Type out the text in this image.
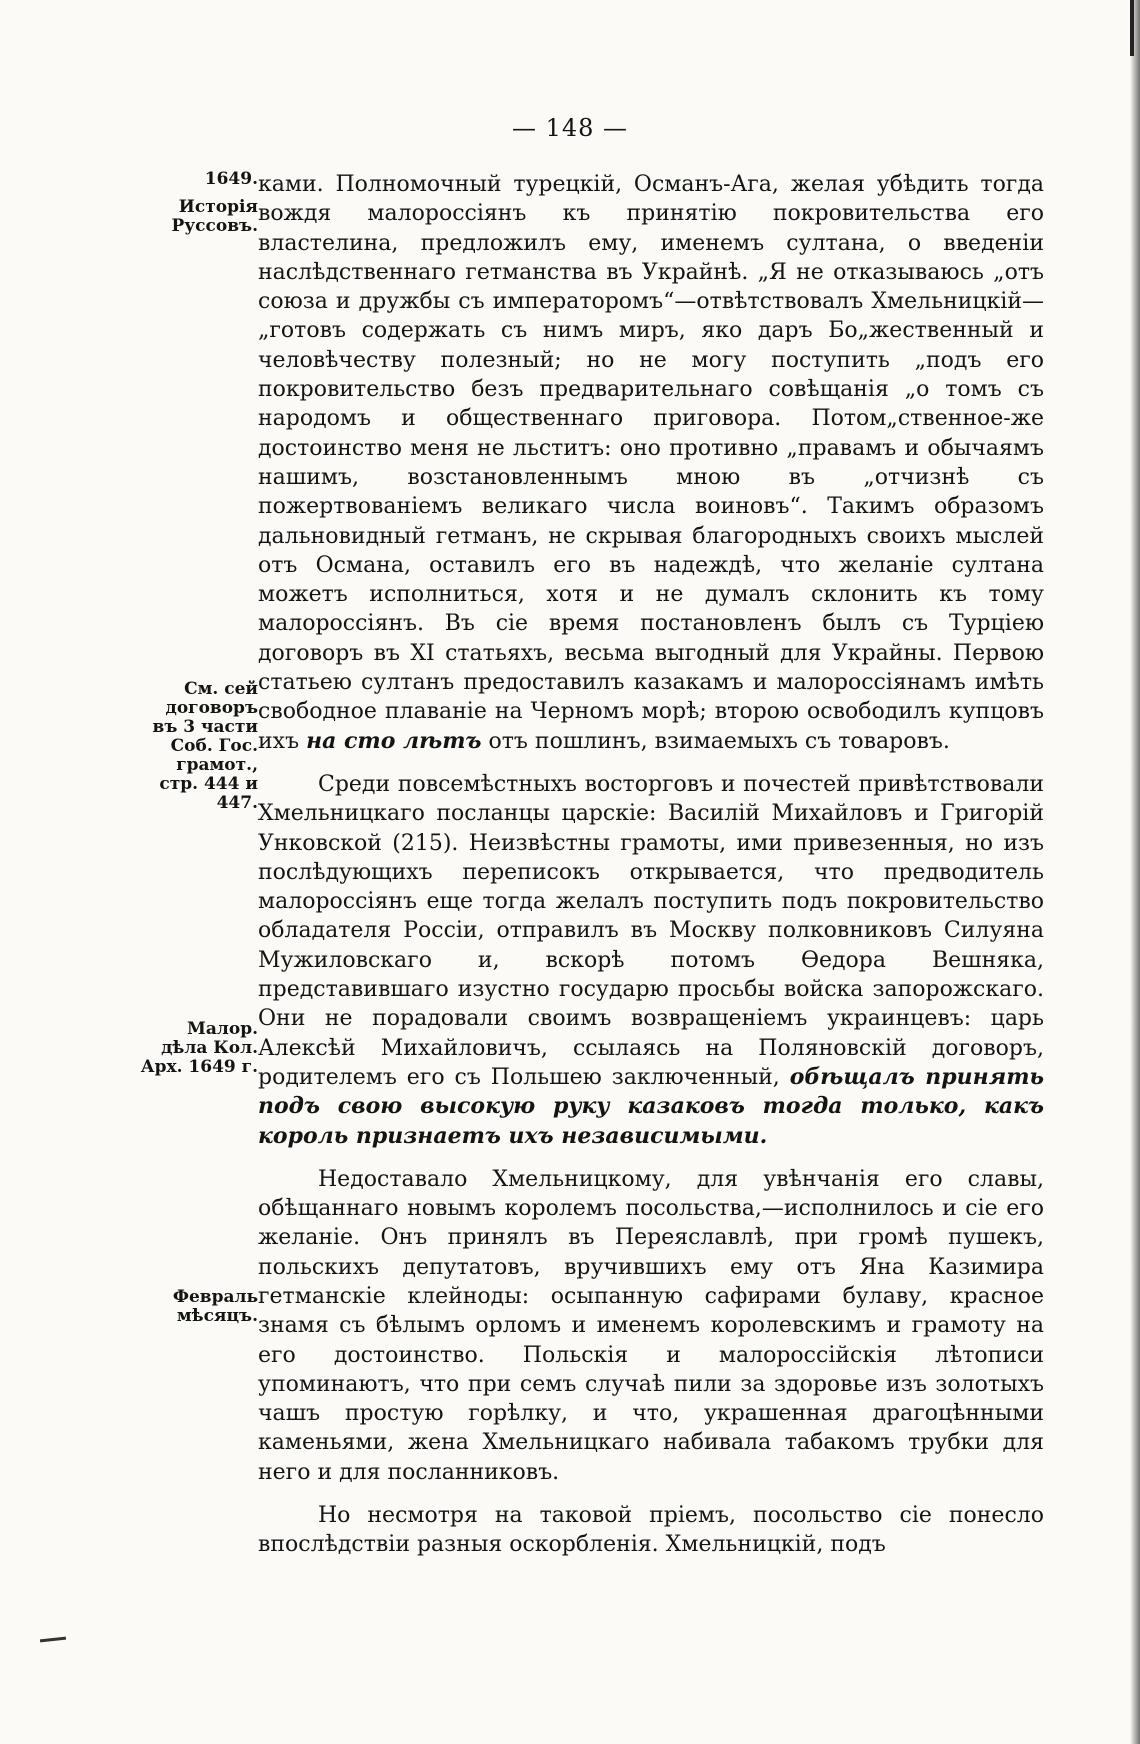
— 148 —
1649.
Исторія Руссовъ.
См. сей договоръ въ 3 части Соб. Гос. грамот., стр. 444 и 447.
Малор. дѣла Кол. Арх. 1649 г.
Февраль мѣсяцъ.

ками. Полномочный турецкій, Османъ-Ага, желая убѣдить тогда вождя малороссіянъ къ принятію покровительства его властелина, предложилъ ему, именемъ султана, о введеніи наслѣдственнаго гетманства въ Украйнѣ. „Я не отказываюсь „отъ союза и дружбы съ императоромъ“—отвѣтствовалъ Хмельницкій—„готовъ содержать съ нимъ миръ, яко даръ Бо„жественный и человѣчеству полезный; но не могу поступить „подъ его покровительство безъ предварительнаго совѣщанія „о томъ съ народомъ и общественнаго приговора. Потом„ственное-же достоинство меня не льститъ: оно противно „правамъ и обычаямъ нашимъ, возстановленнымъ мною въ „отчизнѣ съ пожертвованіемъ великаго числа воиновъ“. Такимъ образомъ дальновидный гетманъ, не скрывая благородныхъ своихъ мыслей отъ Османа, оставилъ его въ надеждѣ, что желаніе султана можетъ исполниться, хотя и не думалъ склонить къ тому малороссіянъ. Въ сіе время постановленъ былъ съ Турціею договоръ въ XI статьяхъ, весьма выгодный для Украйны. Первою статьею султанъ предоставилъ казакамъ и малороссіянамъ имѣть свободное плаваніе на Черномъ морѣ; второю освободилъ купцовъ ихъ на сто лѣтъ отъ пошлинъ, взимаемыхъ съ товаровъ.

Среди повсемѣстныхъ восторговъ и почестей привѣтствовали Хмельницкаго посланцы царскіе: Василій Михайловъ и Григорій Унковской (215). Неизвѣстны грамоты, ими привезенныя, но изъ послѣдующихъ переписокъ открывается, что предводитель малороссіянъ еще тогда желалъ поступить подъ покровительство обладателя Россіи, отправилъ въ Москву полковниковъ Силуяна Мужиловскаго и, вскорѣ потомъ Ѳедора Вешняка, представившаго изустно государю просьбы войска запорожскаго. Они не порадовали своимъ возвращеніемъ украинцевъ: царь Алексѣй Михайловичъ, ссылаясь на Поляновскій договоръ, родителемъ его съ Польшею заключенный, обѣщалъ принять подъ свою высокую руку казаковъ тогда только, какъ король признаетъ ихъ независимыми.

Недоставало Хмельницкому, для увѣнчанія его славы, обѣщаннаго новымъ королемъ посольства,—исполнилось и сіе его желаніе. Онъ принялъ въ Переяславлѣ, при громѣ пушекъ, польскихъ депутатовъ, вручившихъ ему отъ Яна Казимира гетманскіе клейноды: осыпанную сафирами булаву, красное знамя съ бѣлымъ орломъ и именемъ королевскимъ и грамоту на его достоинство. Польскія и малороссійскія лѣтописи упоминаютъ, что при семъ случаѣ пили за здоровье изъ золотыхъ чашъ простую горѣлку, и что, украшенная драгоцѣнными каменьями, жена Хмельницкаго набивала табакомъ трубки для него и для посланниковъ.

Но несмотря на таковой пріемъ, посольство сіе понесло впослѣдствіи разныя оскорбленія. Хмельницкій, подъ
